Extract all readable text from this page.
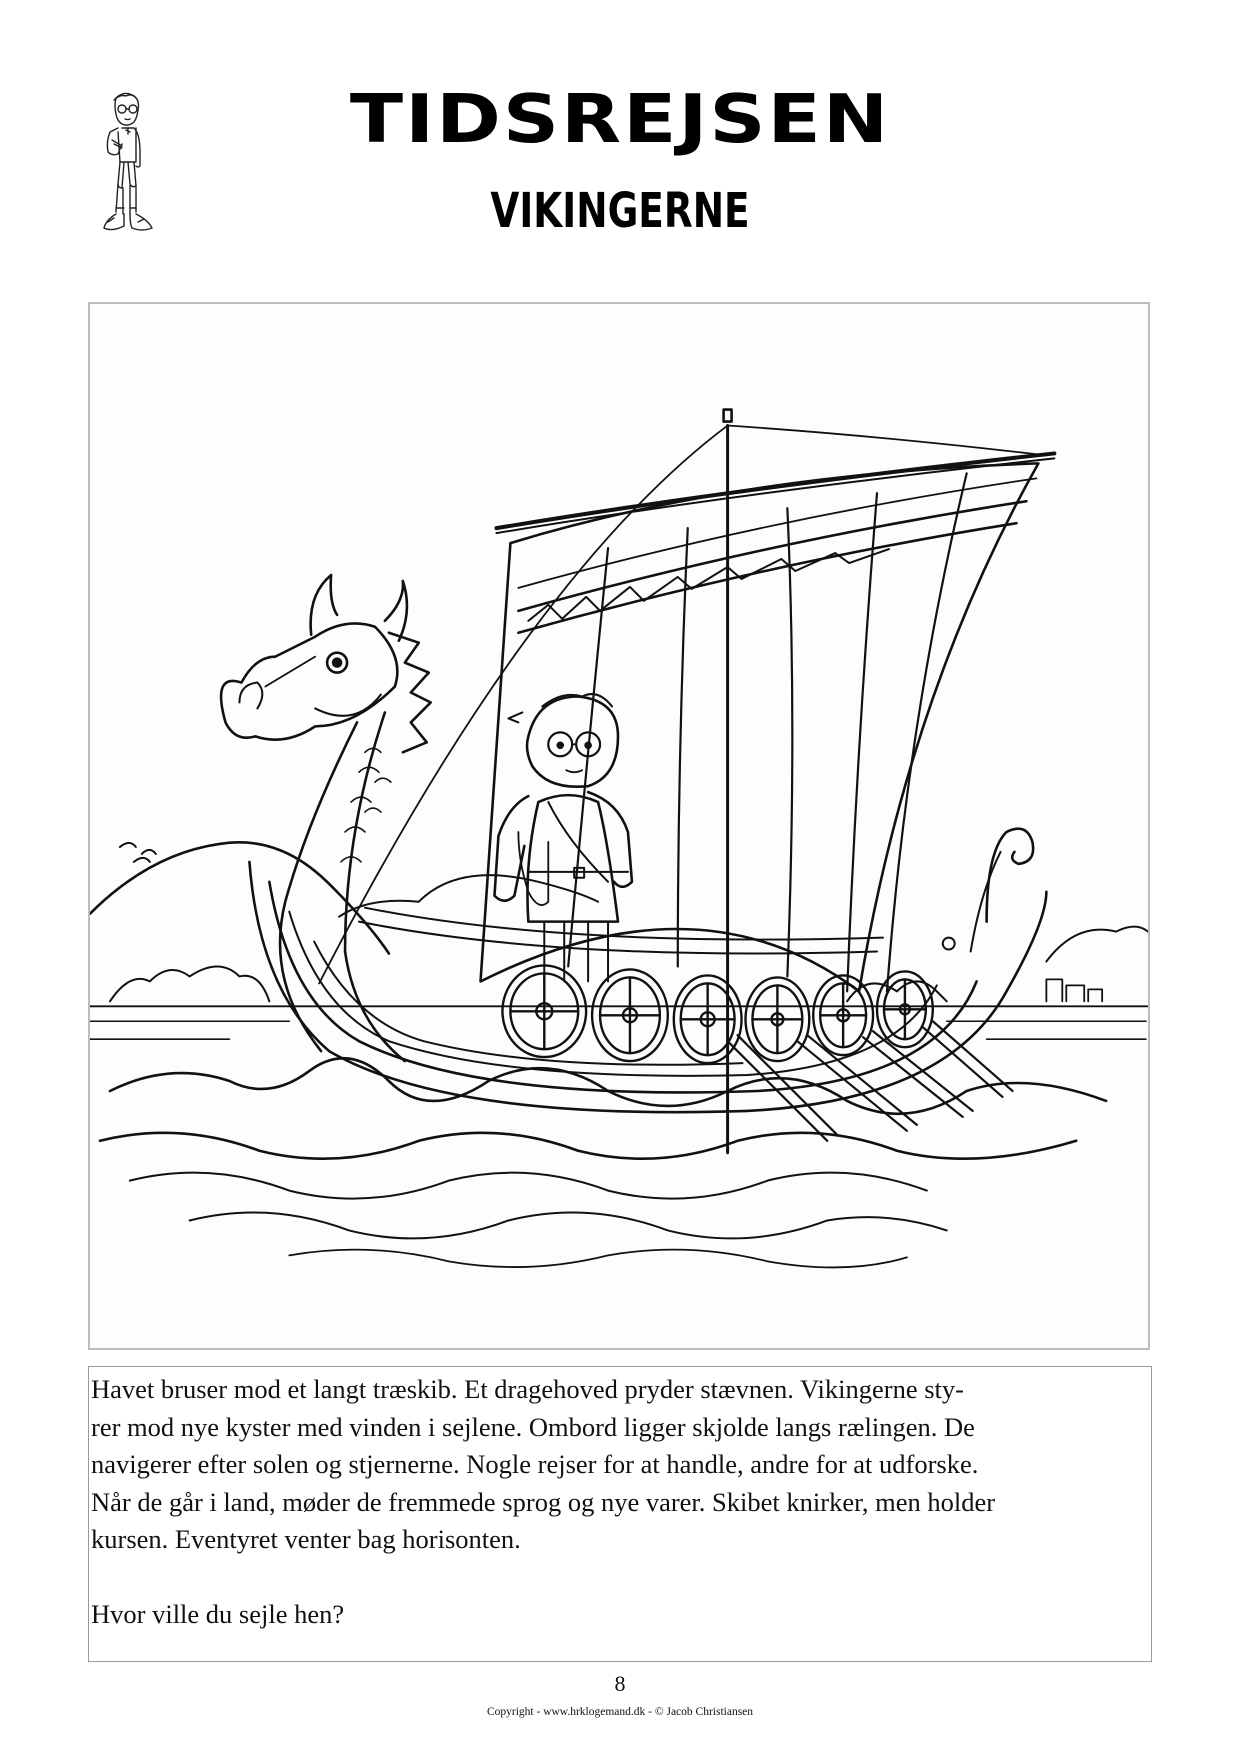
TIDSREJSEN
VIKINGERNE

Havet bruser mod et langt træskib. Et dragehoved pryder stævnen. Vikingerne sty-
rer mod nye kyster med vinden i sejlene. Ombord ligger skjolde langs rælingen. De
navigerer efter solen og stjernerne. Nogle rejser for at handle, andre for at udforske.
Når de går i land, møder de fremmede sprog og nye varer. Skibet knirker, men holder
kursen. Eventyret venter bag horisonten.

Hvor ville du sejle hen?

8
Copyright - www.hrklogemand.dk - © Jacob Christiansen
